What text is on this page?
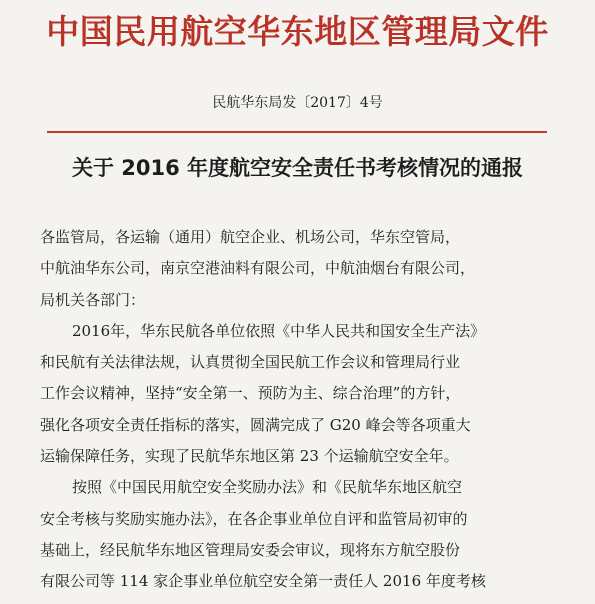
中国民用航空华东地区管理局文件
民航华东局发〔2017〕4号
关于 2016 年度航空安全责任书考核情况的通报
各监管局，各运输（通用）航空企业、机场公司，华东空管局，
中航油华东公司，南京空港油料有限公司，中航油烟台有限公司，
局机关各部门：
2016年，华东民航各单位依照《中华人民共和国安全生产法》
和民航有关法律法规，认真贯彻全国民航工作会议和管理局行业
工作会议精神，坚持“安全第一、预防为主、综合治理”的方针，
强化各项安全责任指标的落实，圆满完成了 G20 峰会等各项重大
运输保障任务，实现了民航华东地区第 23 个运输航空安全年。
按照《中国民用航空安全奖励办法》和《民航华东地区航空
安全考核与奖励实施办法》，在各企事业单位自评和监管局初审的
基础上，经民航华东地区管理局安委会审议，现将东方航空股份
有限公司等 114 家企事业单位航空安全第一责任人 2016 年度考核
